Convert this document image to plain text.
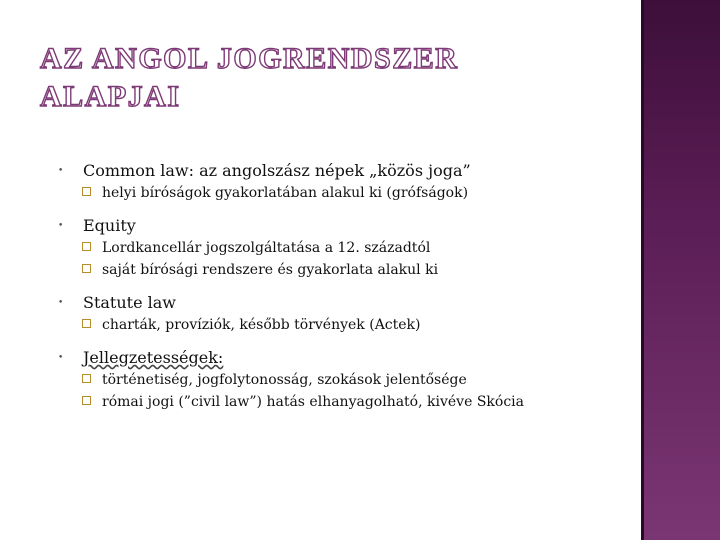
AZ ANGOL JOGRENDSZER
ALAPJAI
• Common law: az angolszász népek „közös joga”
helyi bíróságok gyakorlatában alakul ki (grófságok)
• Equity
Lordkancellár jogszolgáltatása a 12. századtól
saját bírósági rendszere és gyakorlata alakul ki
• Statute law
charták, províziók, később törvények (Actek)
• Jellegzetességek:
történetiség, jogfolytonosság, szokások jelentősége
római jogi (”civil law”) hatás elhanyagolható, kivéve Skócia
